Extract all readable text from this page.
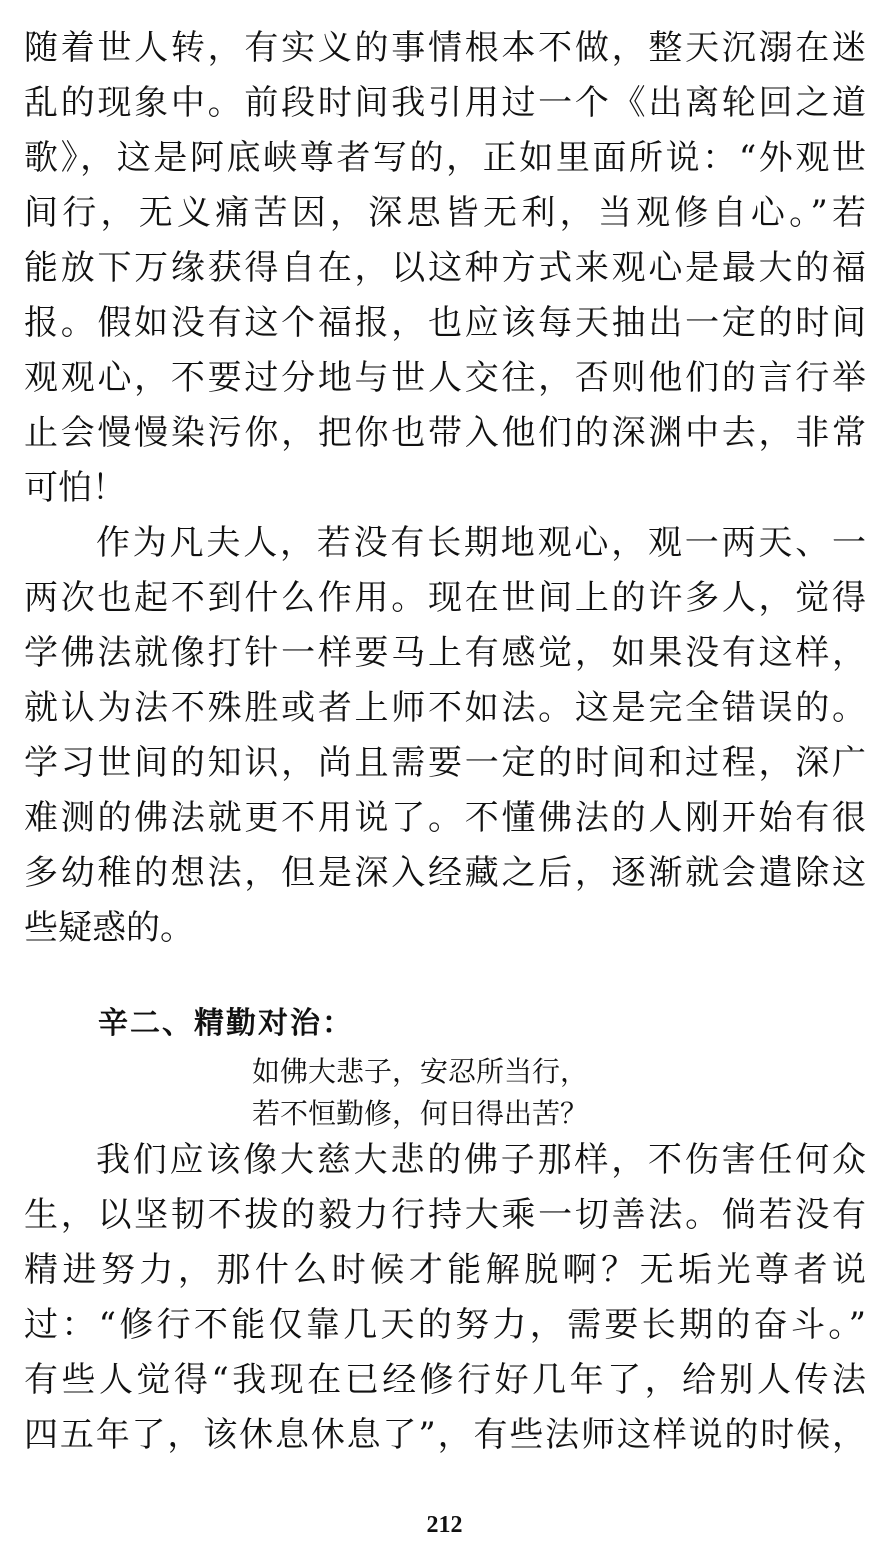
随着世人转，有实义的事情根本不做，整天沉溺在迷
乱的现象中。前段时间我引用过一个《出离轮回之道
歌》，这是阿底峡尊者写的，正如里面所说：“外观世
间行，无义痛苦因，深思皆无利，当观修自心。”若
能放下万缘获得自在，以这种方式来观心是最大的福
报。假如没有这个福报，也应该每天抽出一定的时间
观观心，不要过分地与世人交往，否则他们的言行举
止会慢慢染污你，把你也带入他们的深渊中去，非常
可怕！
作为凡夫人，若没有长期地观心，观一两天、一
两次也起不到什么作用。现在世间上的许多人，觉得
学佛法就像打针一样要马上有感觉，如果没有这样，
就认为法不殊胜或者上师不如法。这是完全错误的。
学习世间的知识，尚且需要一定的时间和过程，深广
难测的佛法就更不用说了。不懂佛法的人刚开始有很
多幼稚的想法，但是深入经藏之后，逐渐就会遣除这
些疑惑的。
辛二、精勤对治：
如佛大悲子，安忍所当行，
若不恒勤修，何日得出苦？
我们应该像大慈大悲的佛子那样，不伤害任何众
生，以坚韧不拔的毅力行持大乘一切善法。倘若没有
精进努力，那什么时候才能解脱啊？无垢光尊者说
过：“修行不能仅靠几天的努力，需要长期的奋斗。”
有些人觉得“我现在已经修行好几年了，给别人传法
四五年了，该休息休息了”，有些法师这样说的时候，
212
